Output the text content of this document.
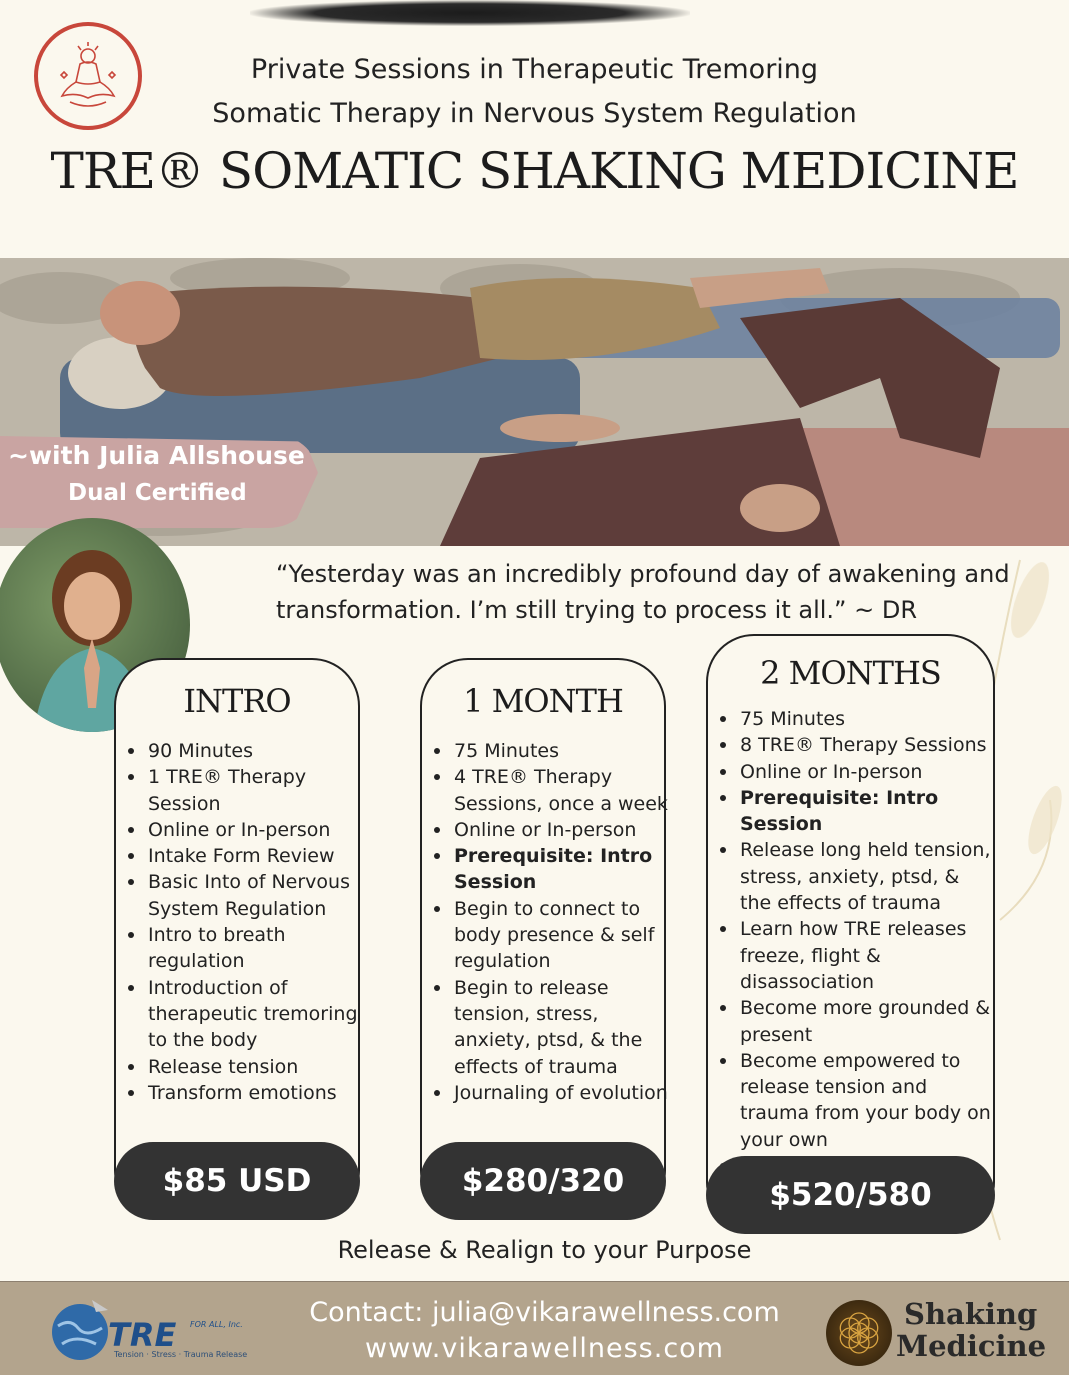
Private Sessions in Therapeutic Tremoring
Somatic Therapy in Nervous System Regulation
TRE® SOMATIC SHAKING MEDICINE
~with Julia Allshouse
Dual Certified
“Yesterday was an incredibly profound day of awakening and transformation. I’m still trying to process it all.” ~ DR
INTRO
90 Minutes
1 TRE® Therapy Session
Online or In-person
Intake Form Review
Basic Into of Nervous System Regulation
Intro to breath regulation
Introduction of therapeutic tremoring to the body
Release tension
Transform emotions
$85 USD
1 MONTH
75 Minutes
4 TRE® Therapy Sessions, once a week
Online or In-person
Prerequisite: Intro Session
Begin to connect to body presence & self regulation
Begin to release tension, stress, anxiety, ptsd, & the effects of trauma
Journaling of evolution
$280/320
2 MONTHS
75 Minutes
8 TRE® Therapy Sessions
Online or In-person
Prerequisite: Intro Session
Release long held tension, stress, anxiety, ptsd, & the effects of trauma
Learn how TRE releases freeze, flight & disassociation
Become more grounded & present
Become empowered to release tension and trauma from your body on your own
$520/580
Release & Realign to your Purpose
TRE FOR ALL, Inc.
Tension · Stress · Trauma Release
Contact: julia@vikarawellness.com
www.vikarawellness.com
Shaking
Medicine
